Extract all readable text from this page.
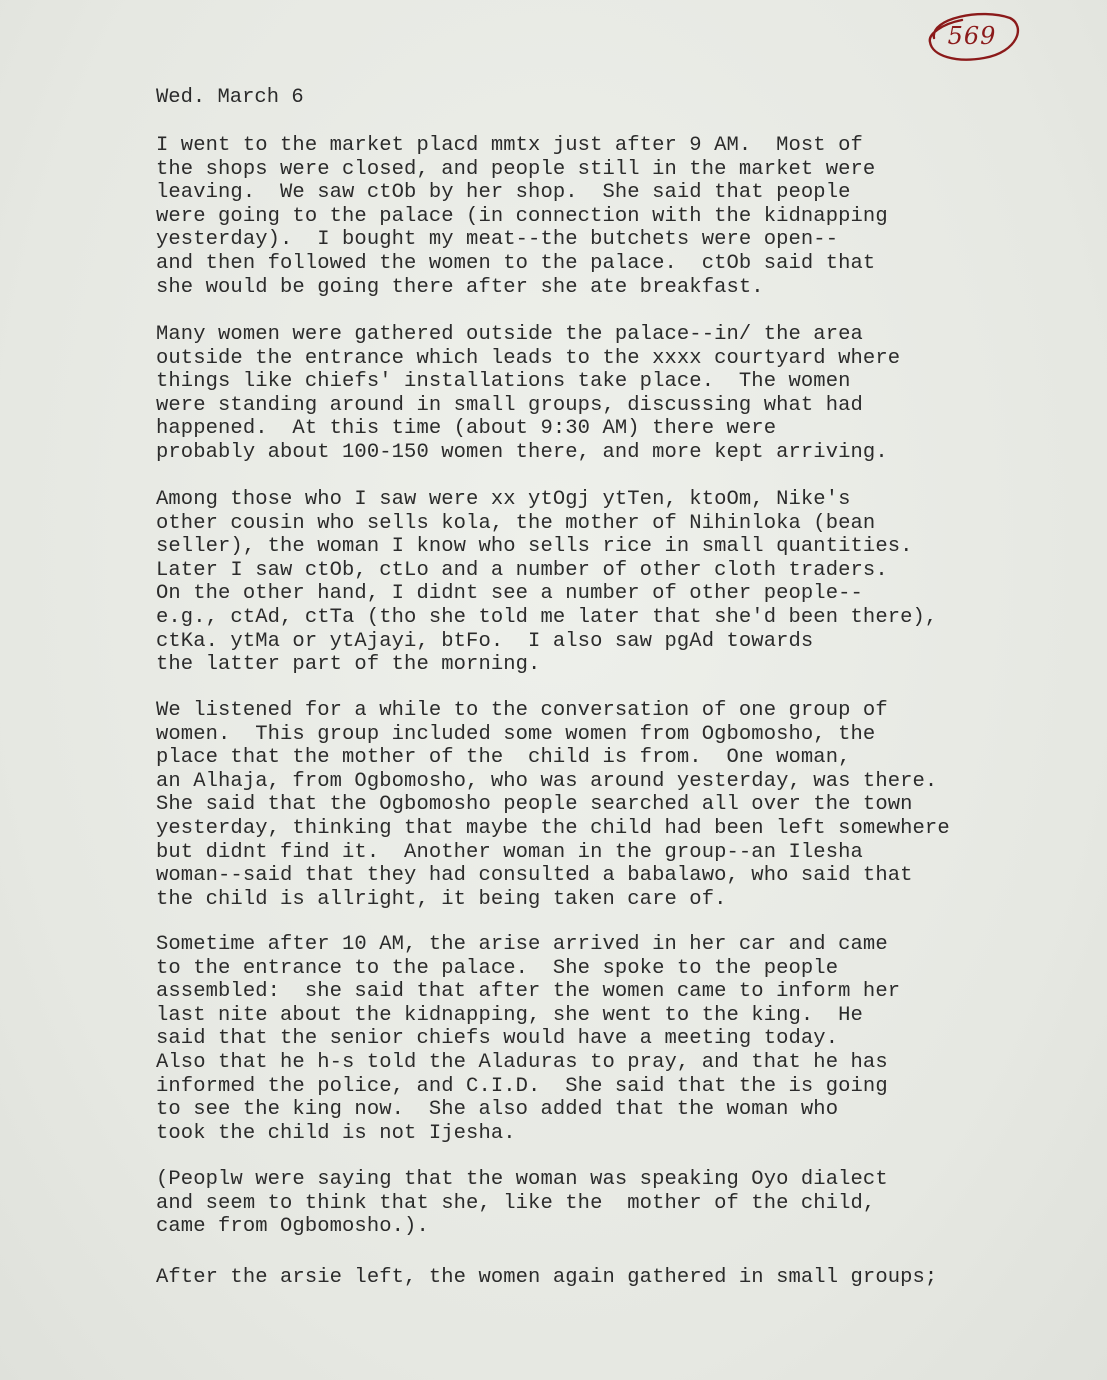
569
Wed. March 6
I went to the market placd mmtx just after 9 AM.  Most of
the shops were closed, and people still in the market were
leaving.  We saw ctOb by her shop.  She said that people
were going to the palace (in connection with the kidnapping
yesterday).  I bought my meat--the butchets were open--
and then followed the women to the palace.  ctOb said that
she would be going there after she ate breakfast.
Many women were gathered outside the palace--in/ the area
outside the entrance which leads to the xxxx courtyard where
things like chiefs' installations take place.  The women
were standing around in small groups, discussing what had
happened.  At this time (about 9:30 AM) there were
probably about 100-150 women there, and more kept arriving.
Among those who I saw were xx ytOgj ytTen, ktoOm, Nike's
other cousin who sells kola, the mother of Nihinloka (bean
seller), the woman I know who sells rice in small quantities.
Later I saw ctOb, ctLo and a number of other cloth traders.
On the other hand, I didnt see a number of other people--
e.g., ctAd, ctTa (tho she told me later that she'd been there),
ctKa. ytMa or ytAjayi, btFo.  I also saw pgAd towards
the latter part of the morning.
We listened for a while to the conversation of one group of
women.  This group included some women from Ogbomosho, the
place that the mother of the  child is from.  One woman,
an Alhaja, from Ogbomosho, who was around yesterday, was there.
She said that the Ogbomosho people searched all over the town
yesterday, thinking that maybe the child had been left somewhere
but didnt find it.  Another woman in the group--an Ilesha
woman--said that they had consulted a babalawo, who said that
the child is allright, it being taken care of.
Sometime after 10 AM, the arise arrived in her car and came
to the entrance to the palace.  She spoke to the people
assembled:  she said that after the women came to inform her
last nite about the kidnapping, she went to the king.  He
said that the senior chiefs would have a meeting today.
Also that he h-s told the Aladuras to pray, and that he has
informed the police, and C.I.D.  She said that the is going
to see the king now.  She also added that the woman who
took the child is not Ijesha.
(Peoplw were saying that the woman was speaking Oyo dialect
and seem to think that she, like the  mother of the child,
came from Ogbomosho.).
After the arsie left, the women again gathered in small groups;
